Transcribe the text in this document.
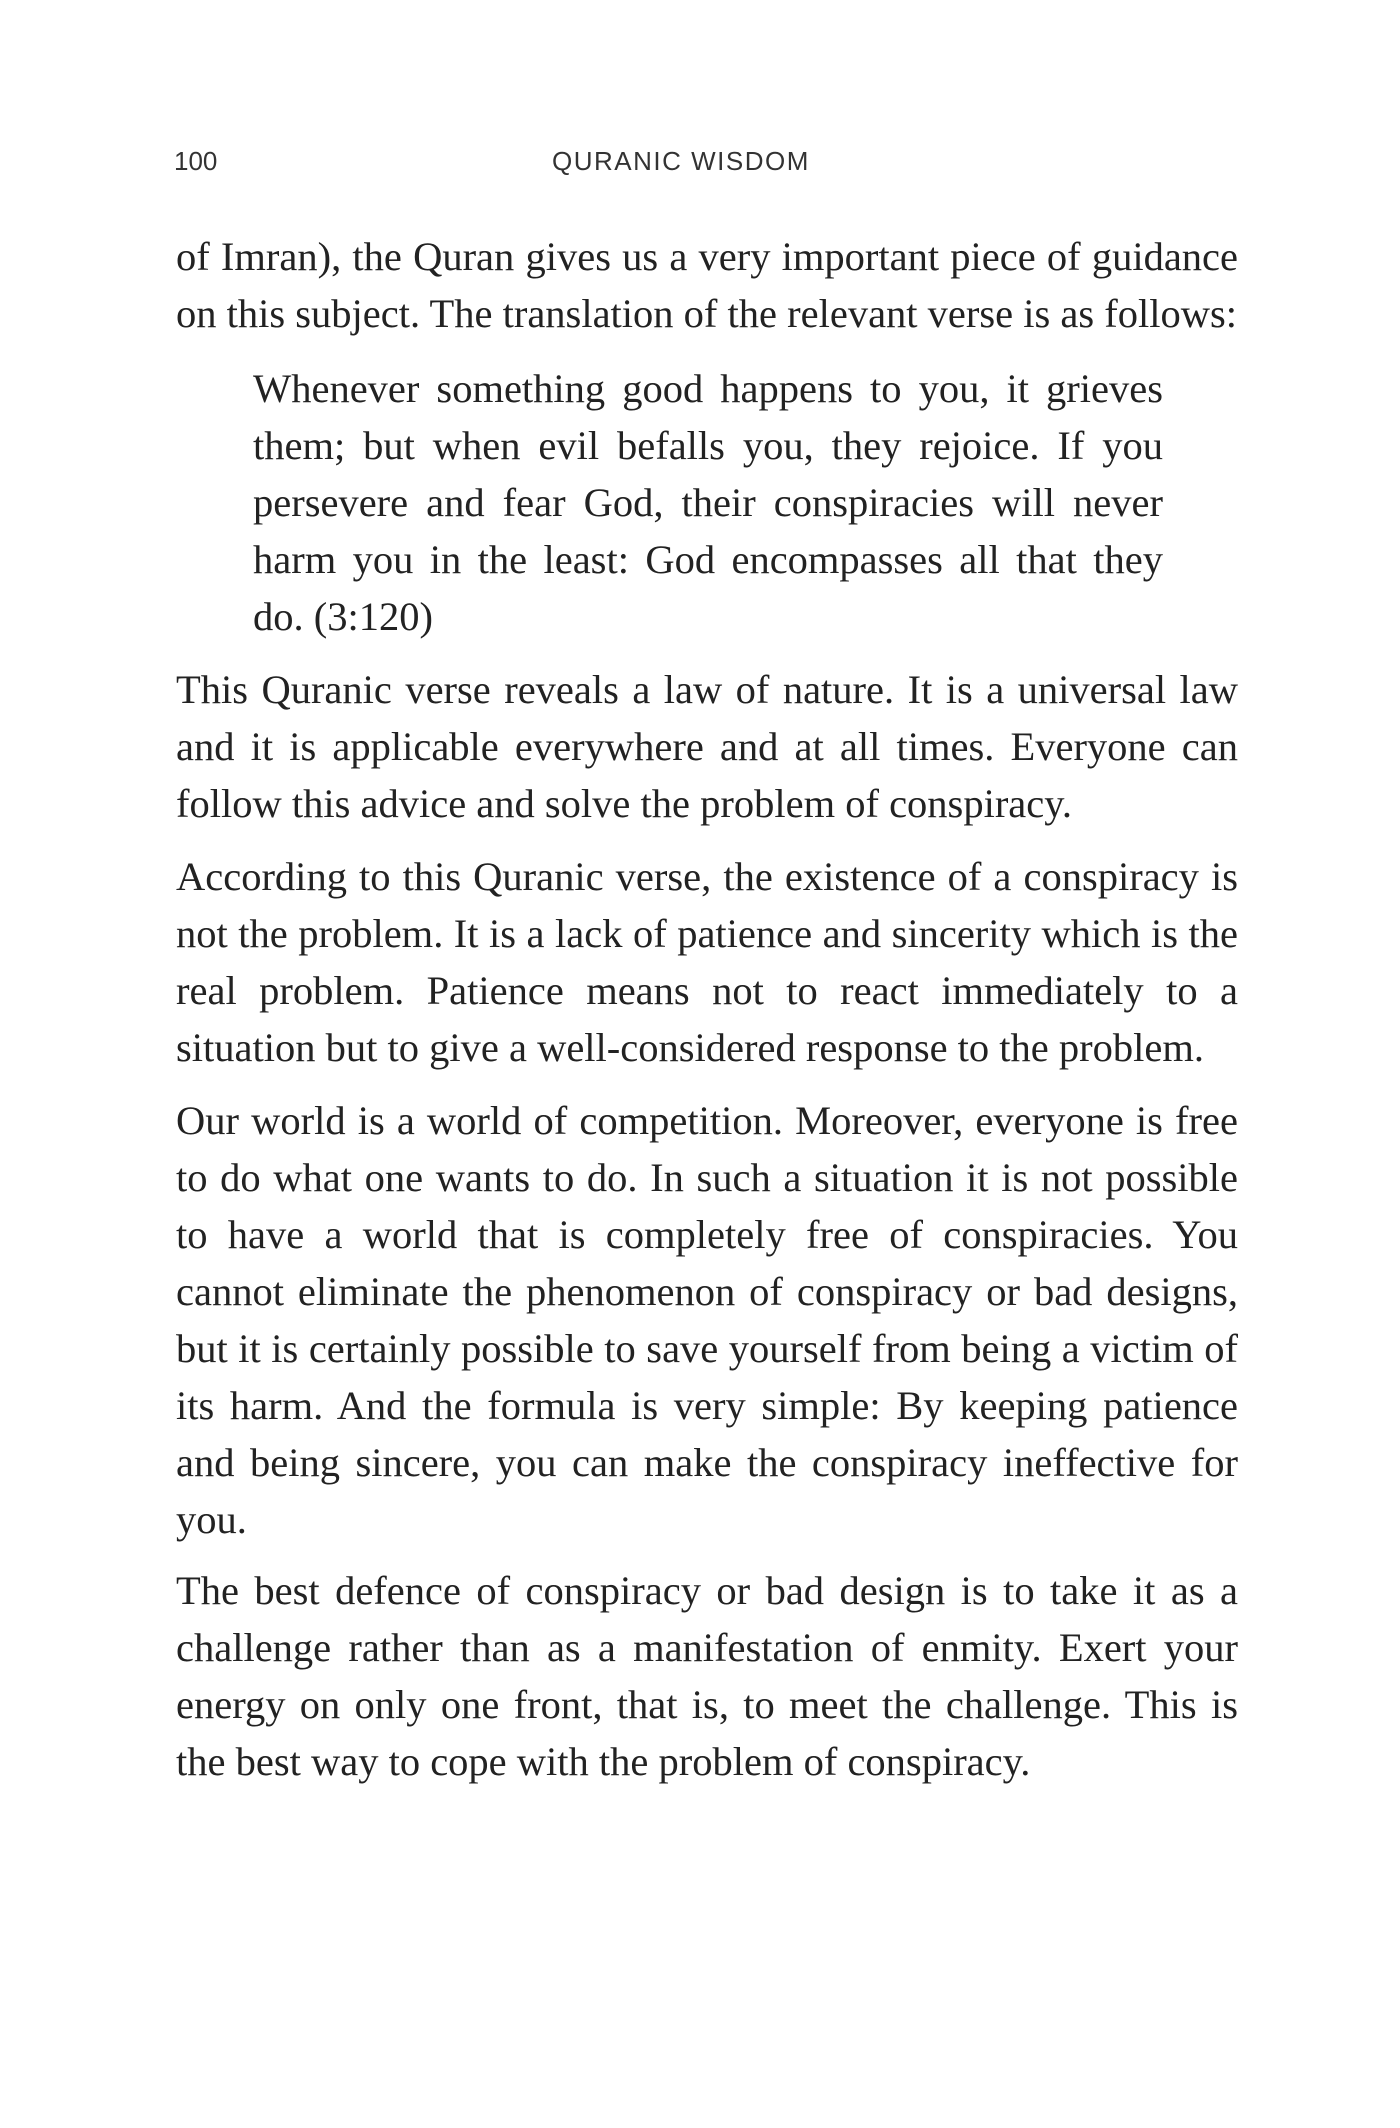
100	QURANIC WISDOM

of Imran), the Quran gives us a very important piece of guidance on this subject. The translation of the relevant verse is as follows:

Whenever something good happens to you, it grieves them; but when evil befalls you, they rejoice. If you persevere and fear God, their conspiracies will never harm you in the least: God encompasses all that they do. (3:120)

This Quranic verse reveals a law of nature. It is a universal law and it is applicable everywhere and at all times. Everyone can follow this advice and solve the problem of conspiracy.

According to this Quranic verse, the existence of a conspiracy is not the problem. It is a lack of patience and sincerity which is the real problem. Patience means not to react immediately to a situation but to give a well-considered response to the problem.

Our world is a world of competition. Moreover, everyone is free to do what one wants to do. In such a situation it is not possible to have a world that is completely free of conspiracies. You cannot eliminate the phenomenon of conspiracy or bad designs, but it is certainly possible to save yourself from being a victim of its harm. And the formula is very simple: By keeping patience and being sincere, you can make the conspiracy ineffective for you.

The best defence of conspiracy or bad design is to take it as a challenge rather than as a manifestation of enmity. Exert your energy on only one front, that is, to meet the challenge. This is the best way to cope with the problem of conspiracy.
